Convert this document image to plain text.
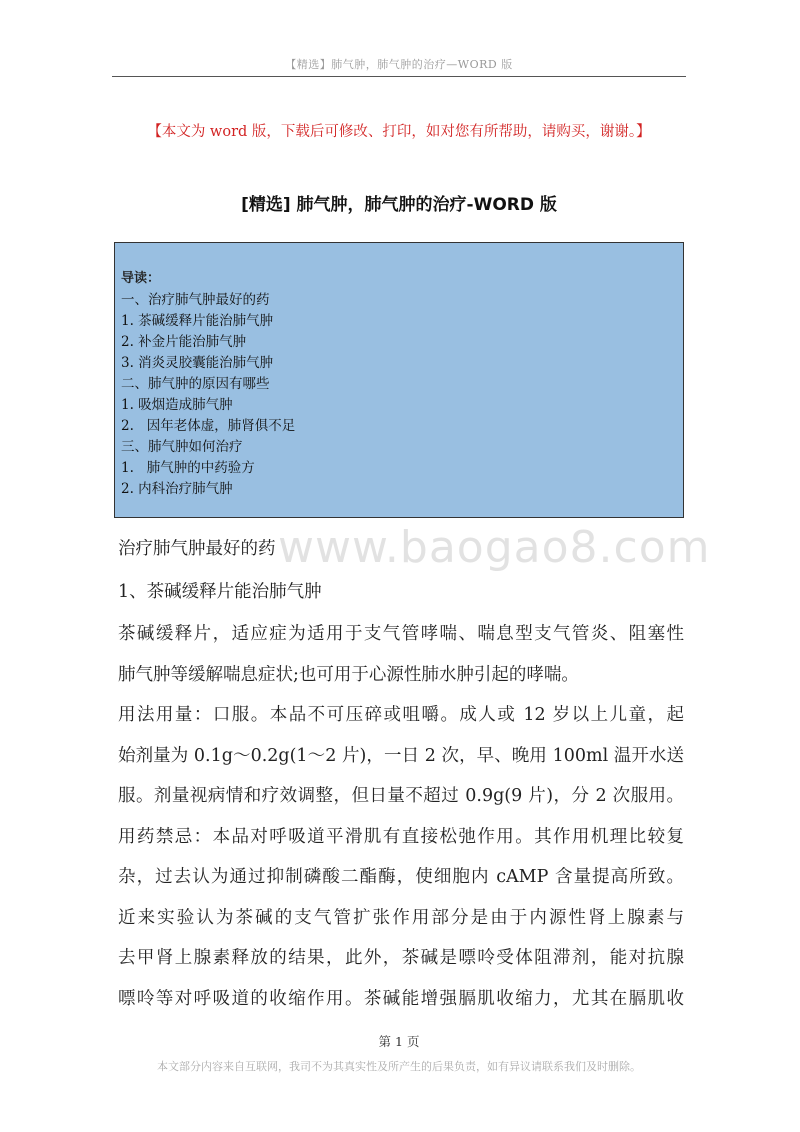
【精选】肺气肿，肺气肿的治疗—WORD 版
【本文为 word 版，下载后可修改、打印，如对您有所帮助，请购买，谢谢。】
[精选] 肺气肿，肺气肿的治疗-WORD 版
导读：
一、治疗肺气肿最好的药
1. 茶碱缓释片能治肺气肿
2. 补金片能治肺气肿
3. 消炎灵胶囊能治肺气肿
二、肺气肿的原因有哪些
1. 吸烟造成肺气肿
2.   因年老体虚，肺肾俱不足
三、肺气肿如何治疗
1.   肺气肿的中药验方
2. 内科治疗肺气肿
www.baogao8.com

治疗肺气肿最好的药

1、茶碱缓释片能治肺气肿

茶碱缓释片，适应症为适用于支气管哮喘、喘息型支气管炎、阻塞性

肺气肿等缓解喘息症状;也可用于心源性肺水肿引起的哮喘。

用法用量：口服。本品不可压碎或咀嚼。成人或 12 岁以上儿童，起

始剂量为 0.1g～0.2g(1～2 片)，一日 2 次，早、晚用 100ml 温开水送

服。剂量视病情和疗效调整，但日量不超过 0.9g(9 片)，分 2 次服用。

用药禁忌：本品对呼吸道平滑肌有直接松弛作用。其作用机理比较复

杂，过去认为通过抑制磷酸二酯酶，使细胞内 cAMP 含量提高所致。

近来实验认为茶碱的支气管扩张作用部分是由于内源性肾上腺素与

去甲肾上腺素释放的结果，此外，茶碱是嘌呤受体阻滞剂，能对抗腺

嘌呤等对呼吸道的收缩作用。茶碱能增强膈肌收缩力，尤其在膈肌收

第 1 页
本文部分内容来自互联网，我司不为其真实性及所产生的后果负责，如有异议请联系我们及时删除。
